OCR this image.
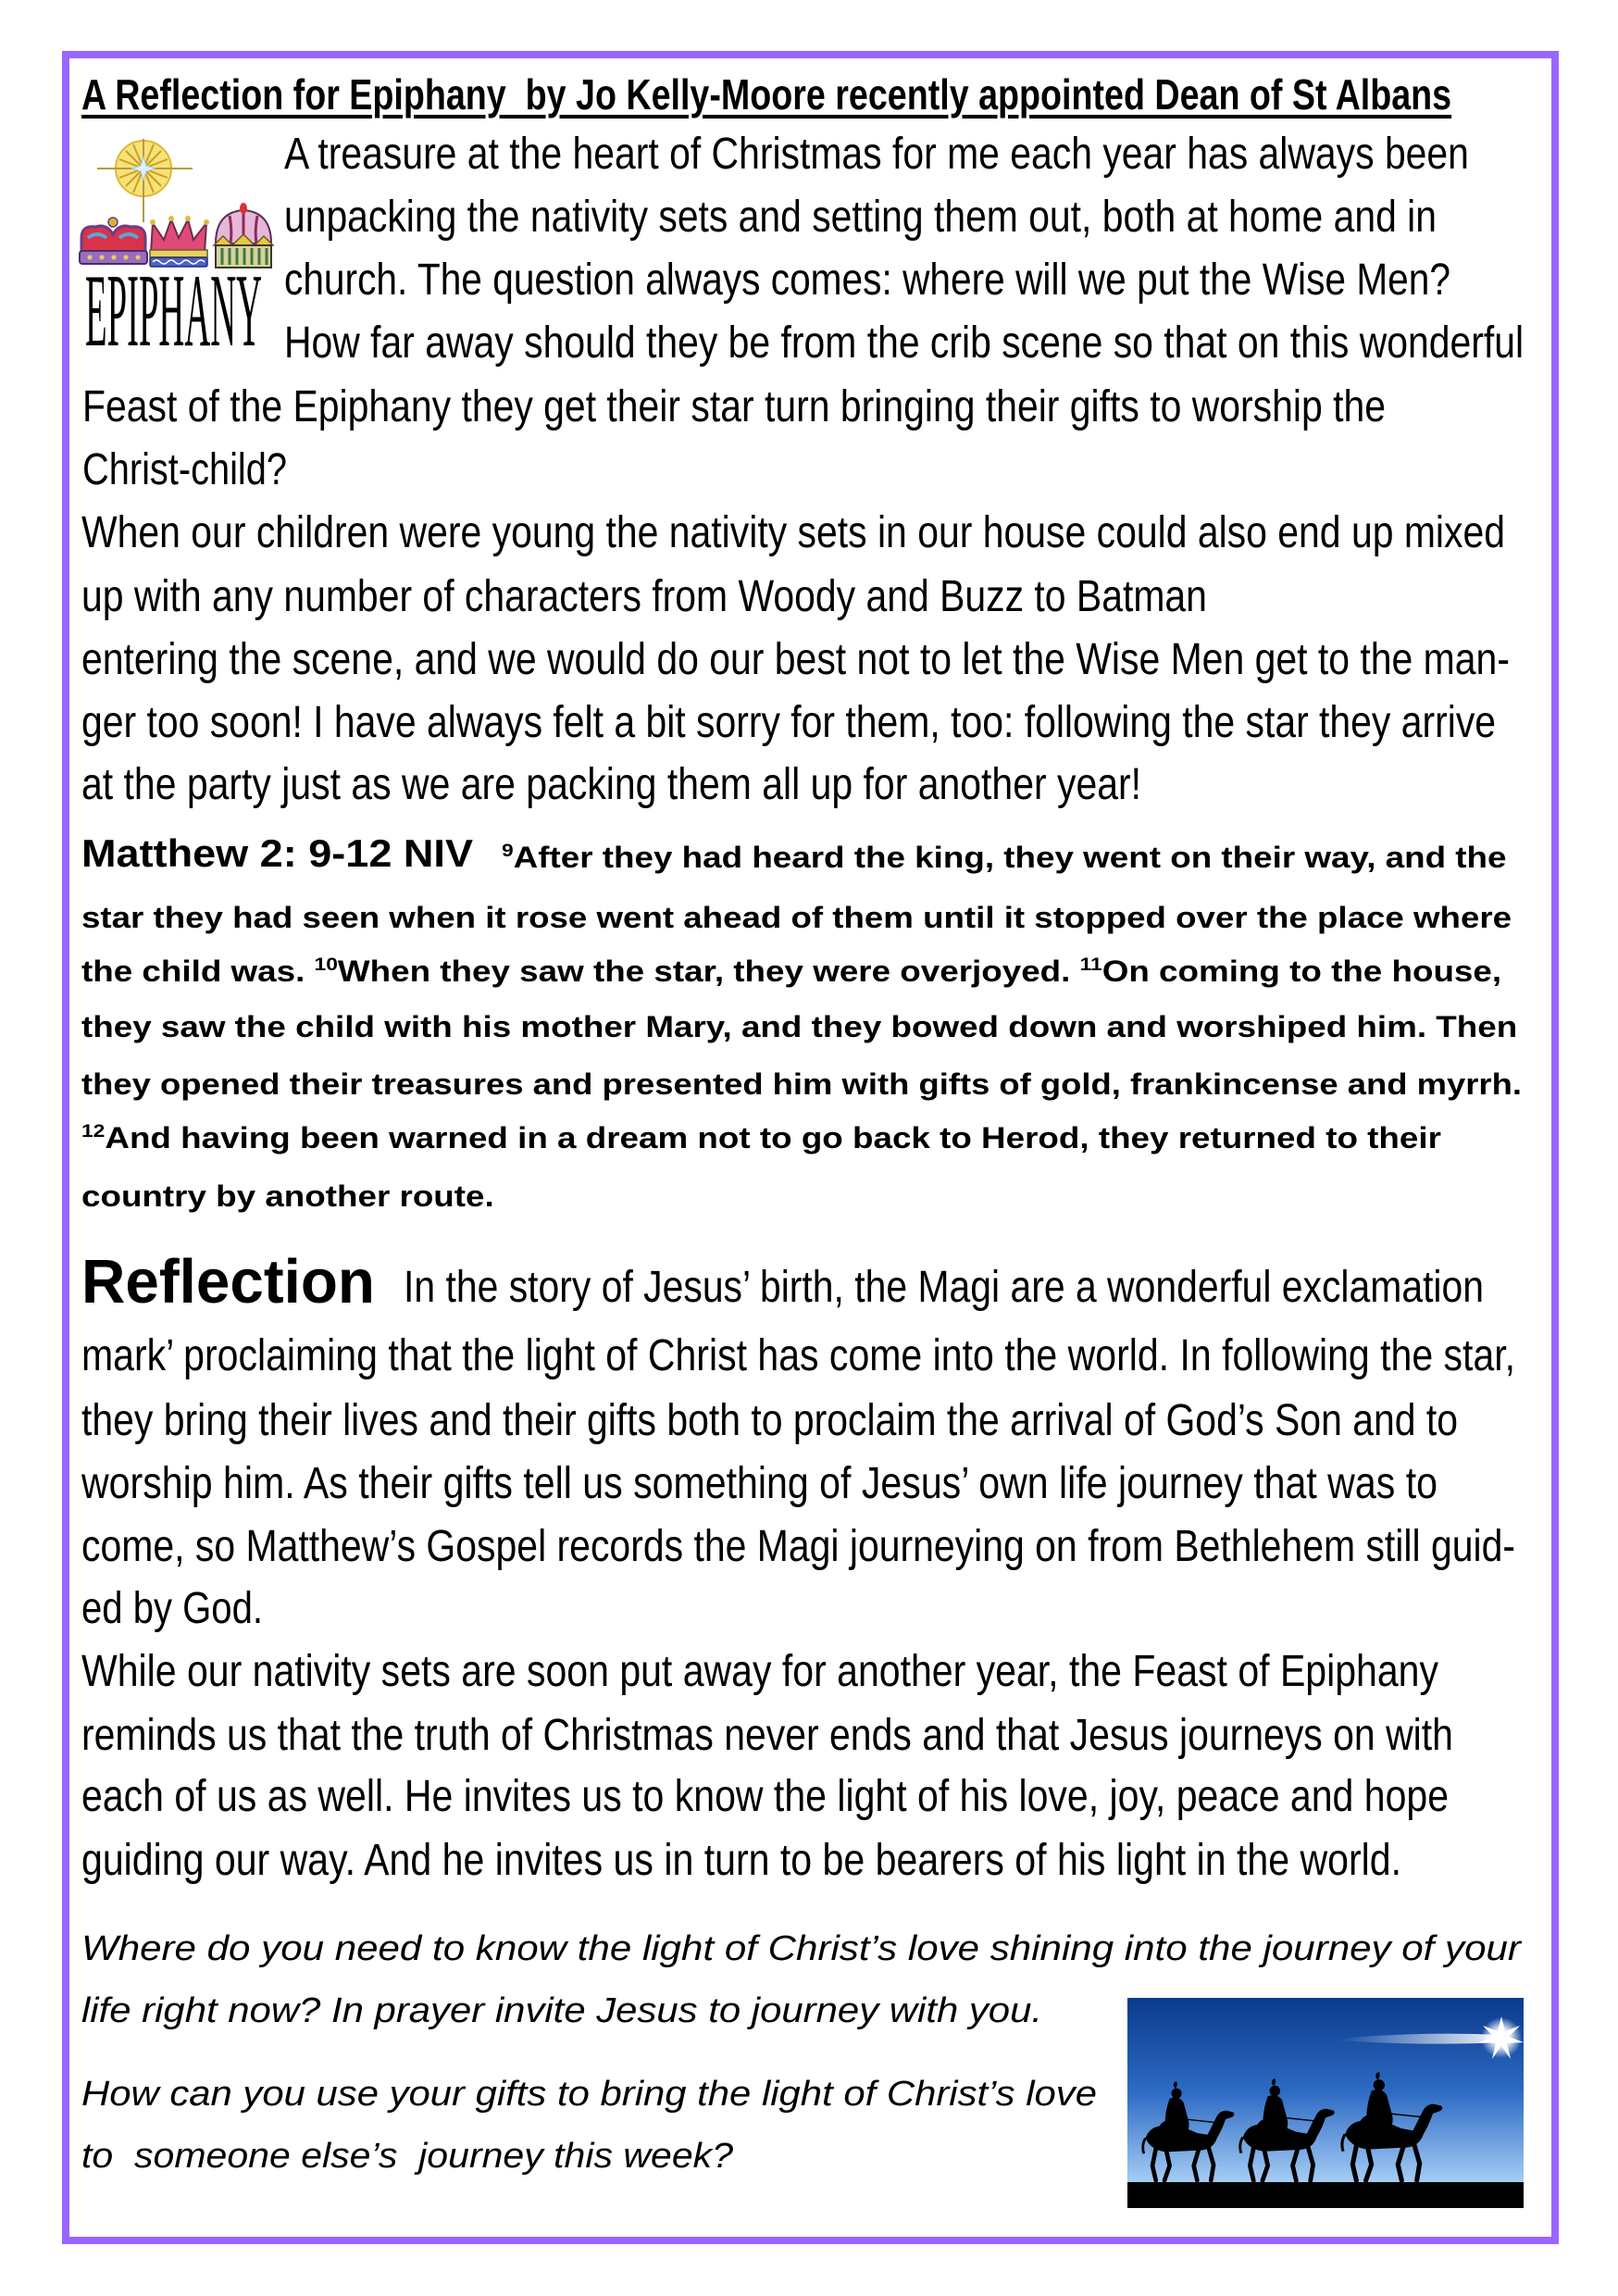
A Reflection for Epiphany  by Jo Kelly-Moore recently appointed Dean of St Albans
A treasure at the heart of Christmas for me each year has always been
unpacking the nativity sets and setting them out, both at home and in
church. The question always comes: where will we put the Wise Men?
How far away should they be from the crib scene so that on this wonderful
Feast of the Epiphany they get their star turn bringing their gifts to worship the
Christ-child?
When our children were young the nativity sets in our house could also end up mixed
up with any number of characters from Woody and Buzz to Batman
entering the scene, and we would do our best not to let the Wise Men get to the man-
ger too soon! I have always felt a bit sorry for them, too: following the star they arrive
at the party just as we are packing them all up for another year!
Matthew 2: 9-12 NIV $^9$After they had heard the king, they went on their way, and the
star they had seen when it rose went ahead of them until it stopped over the place where
the child was. $^{10}$When they saw the star, they were overjoyed. $^{11}$On coming to the house,
they saw the child with his mother Mary, and they bowed down and worshiped him. Then
they opened their treasures and presented him with gifts of gold, frankincense and myrrh.
$^{12}$And having been warned in a dream not to go back to Herod, they returned to their
country by another route.
Reflection In the story of Jesus’ birth, the Magi are a wonderful exclamation
mark’ proclaiming that the light of Christ has come into the world. In following the star,
they bring their lives and their gifts both to proclaim the arrival of God’s Son and to
worship him. As their gifts tell us something of Jesus’ own life journey that was to
come, so Matthew’s Gospel records the Magi journeying on from Bethlehem still guid-
ed by God.
While our nativity sets are soon put away for another year, the Feast of Epiphany
reminds us that the truth of Christmas never ends and that Jesus journeys on with
each of us as well. He invites us to know the light of his love, joy, peace and hope
guiding our way. And he invites us in turn to be bearers of his light in the world.
Where do you need to know the light of Christ’s love shining into the journey of your
life right now? In prayer invite Jesus to journey with you.
How can you use your gifts to bring the light of Christ’s love
to  someone else’s  journey this week?
EPIPHANY
